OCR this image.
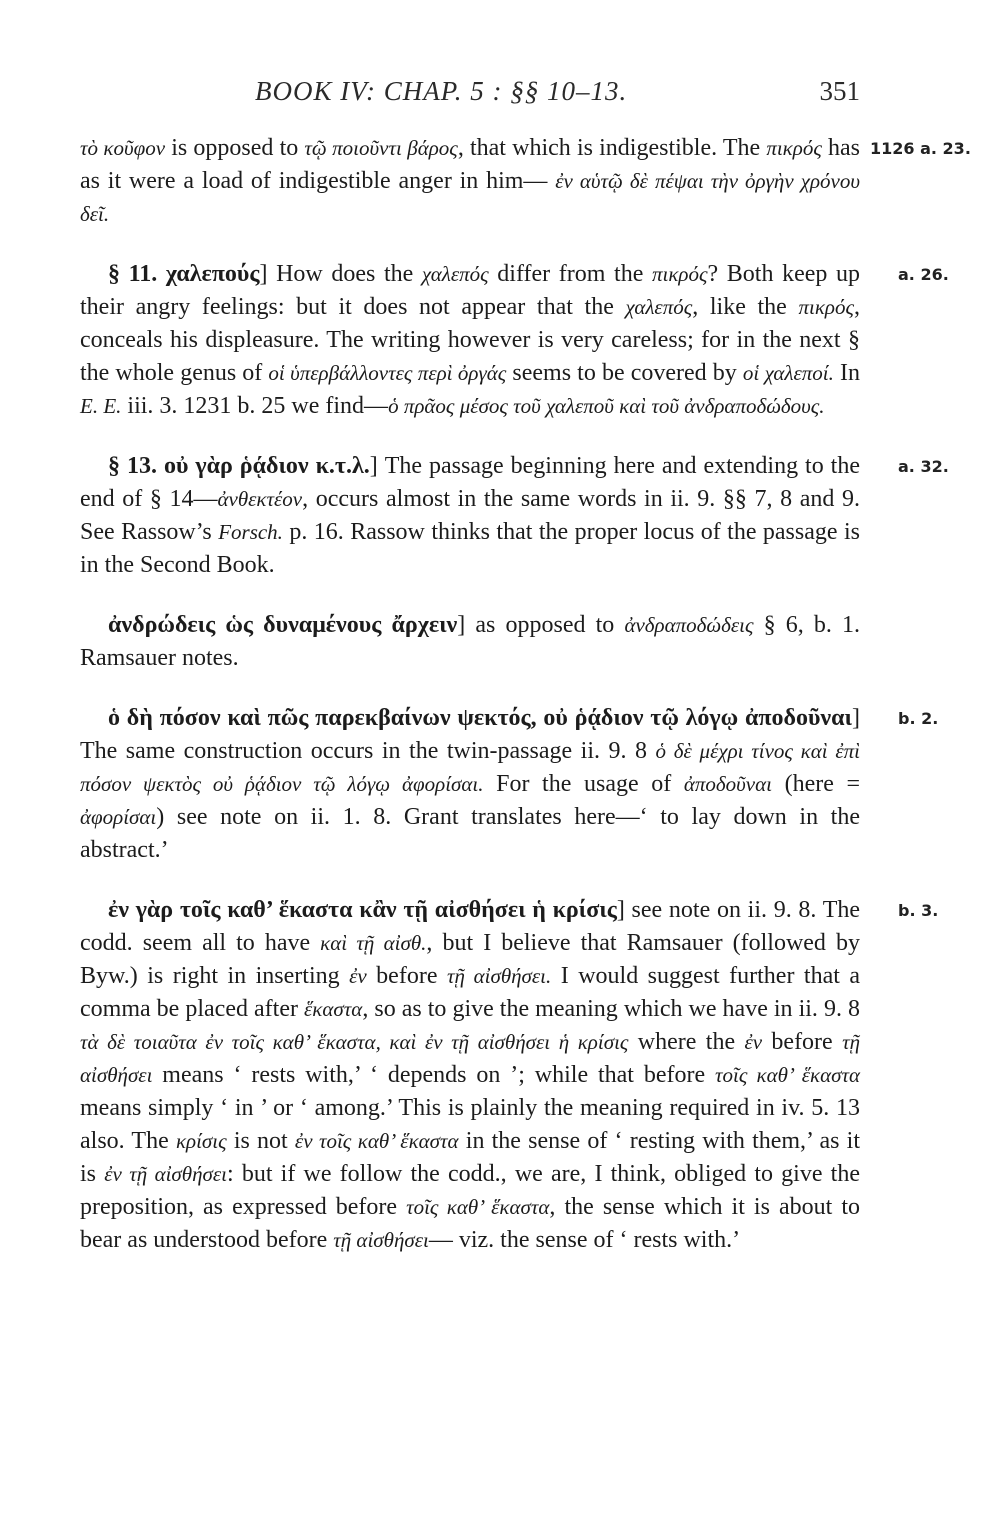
BOOK IV: CHAP. 5 : §§ 10–13.	351

1126 a. 23.
τὸ κοῦφον is opposed to τῷ ποιοῦντι βάρος, that which is indigestible. The πικρός has as it were a load of indigestible anger in him— ἐν αὑτῷ δὲ πέψαι τὴν ὀργὴν χρόνου δεῖ.

a. 26.
§ 11. χαλεπούς] How does the χαλεπός differ from the πικρός? Both keep up their angry feelings: but it does not appear that the χαλεπός, like the πικρός, conceals his displeasure. The writing however is very careless; for in the next § the whole genus of οἱ ὑπερβάλλοντες περὶ ὀργάς seems to be covered by οἱ χαλεποί. In E. E. iii. 3. 1231 b. 25 we find—ὁ πρᾶος μέσος τοῦ χαλεποῦ καὶ τοῦ ἀνδραποδώδους.

a. 32.
§ 13. οὐ γὰρ ῥᾴδιον κ.τ.λ.] The passage beginning here and extending to the end of § 14—ἀνθεκτέον, occurs almost in the same words in ii. 9. §§ 7, 8 and 9. See Rassow’s Forsch. p. 16. Rassow thinks that the proper locus of the passage is in the Second Book.

ἀνδρώδεις ὡς δυναμένους ἄρχειν] as opposed to ἀνδραποδώδεις § 6, b. 1. Ramsauer notes.

b. 2.
ὁ δὴ πόσον καὶ πῶς παρεκβαίνων ψεκτός, οὐ ῥᾴδιον τῷ λόγῳ ἀποδοῦναι] The same construction occurs in the twin-passage ii. 9. 8 ὁ δὲ μέχρι τίνος καὶ ἐπὶ πόσον ψεκτὸς οὐ ῥᾴδιον τῷ λόγῳ ἀφορίσαι. For the usage of ἀποδοῦναι (here = ἀφορίσαι) see note on ii. 1. 8. Grant translates here—‘ to lay down in the abstract.’

b. 3.
ἐν γὰρ τοῖς καθ’ ἕκαστα κἂν τῇ αἰσθήσει ἡ κρίσις] see note on ii. 9. 8. The codd. seem all to have καὶ τῇ αἰσθ., but I believe that Ramsauer (followed by Byw.) is right in inserting ἐν before τῇ αἰσθήσει. I would suggest further that a comma be placed after ἕκαστα, so as to give the meaning which we have in ii. 9. 8 τὰ δὲ τοιαῦτα ἐν τοῖς καθ’ ἕκαστα, καὶ ἐν τῇ αἰσθήσει ἡ κρίσις where the ἐν before τῇ αἰσθήσει means ‘ rests with,’ ‘ depends on ’; while that before τοῖς καθ’ ἕκαστα means simply ‘ in ’ or ‘ among.’ This is plainly the meaning required in iv. 5. 13 also. The κρίσις is not ἐν τοῖς καθ’ ἕκαστα in the sense of ‘ resting with them,’ as it is ἐν τῇ αἰσθήσει: but if we follow the codd., we are, I think, obliged to give the preposition, as expressed before τοῖς καθ’ ἕκαστα, the sense which it is about to bear as understood before τῇ αἰσθήσει— viz. the sense of ‘ rests with.’
